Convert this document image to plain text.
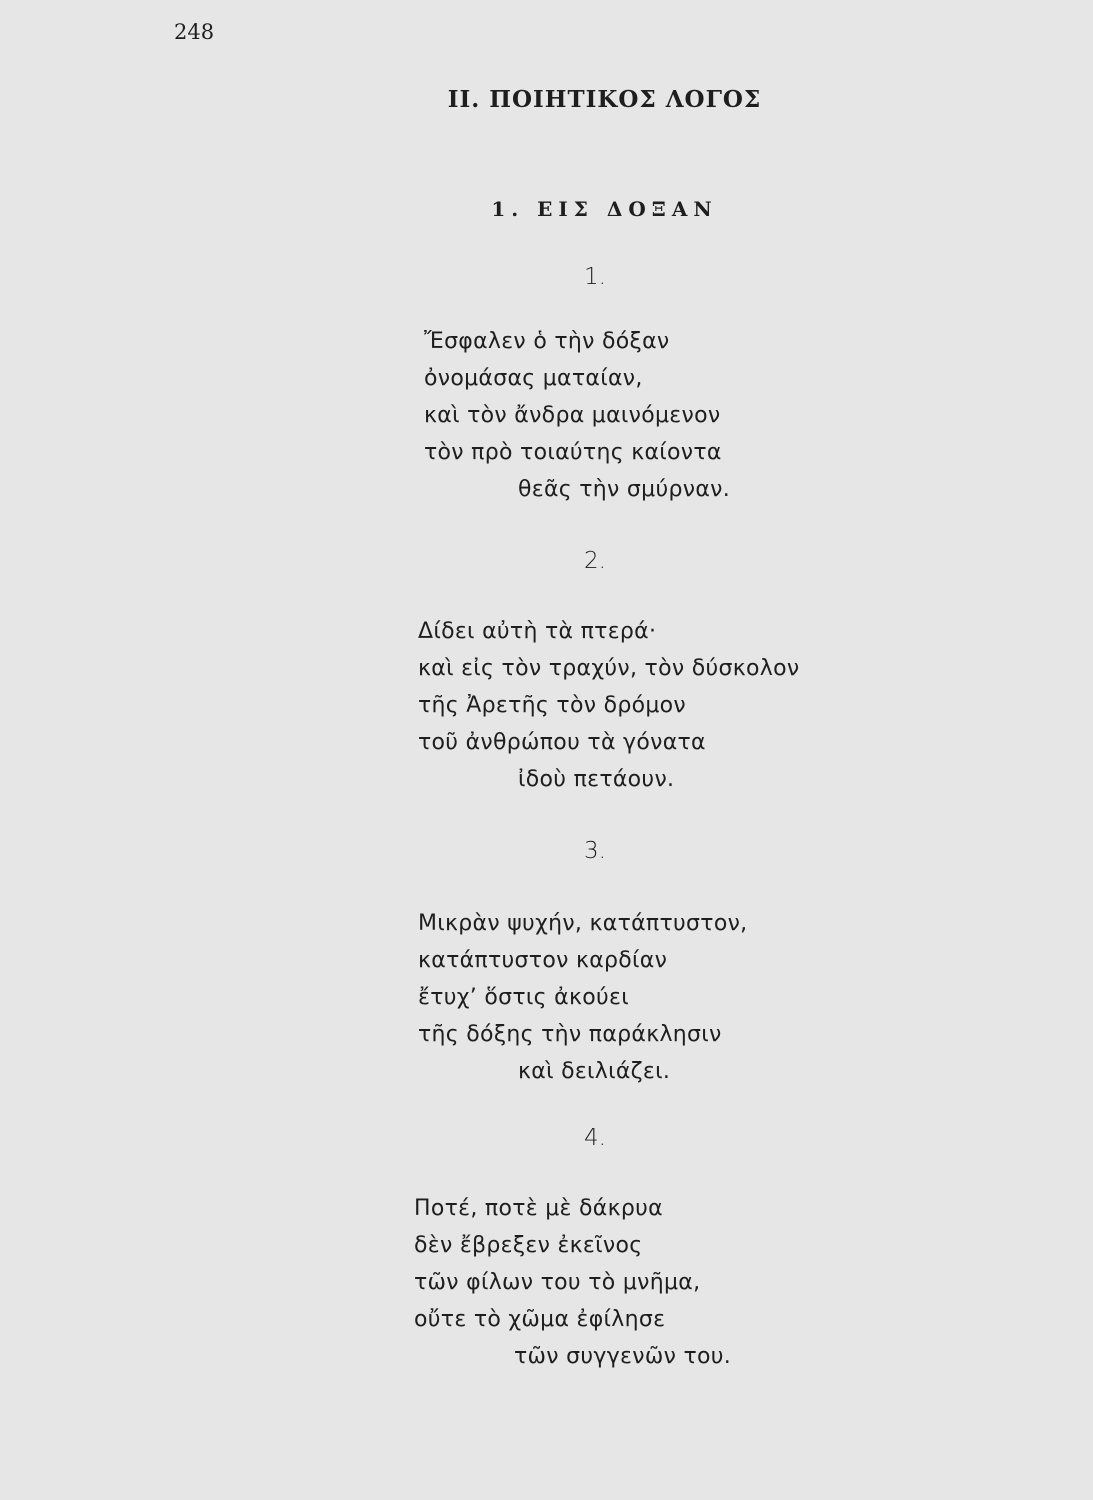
248
ΙΙ. ΠΟΙΗΤΙΚΟΣ ΛΟΓΟΣ
1. ΕΙΣ ΔΟΞΑΝ
1.
Ἔσφαλεν ὁ τὴν δόξαν
ὀνομάσας ματαίαν,
καὶ τὸν ἄνδρα μαινόμενον
τὸν πρὸ τοιαύτης καίοντα
θεᾶς τὴν σμύρναν.
2.
Δίδει αὐτὴ τὰ πτερά·
καὶ εἰς τὸν τραχύν, τὸν δύσκολον
τῆς Ἀρετῆς τὸν δρόμον
τοῦ ἀνθρώπου τὰ γόνατα
ἰδοὺ πετάουν.
3.
Μικρὰν ψυχήν, κατάπτυστον,
κατάπτυστον καρδίαν
ἔτυχ’ ὅστις ἀκούει
τῆς δόξης τὴν παράκλησιν
καὶ δειλιάζει.
4.
Ποτέ, ποτὲ μὲ δάκρυα
δὲν ἔβρεξεν ἐκεῖνος
τῶν φίλων του τὸ μνῆμα,
οὔτε τὸ χῶμα ἐφίλησε
τῶν συγγενῶν του.
